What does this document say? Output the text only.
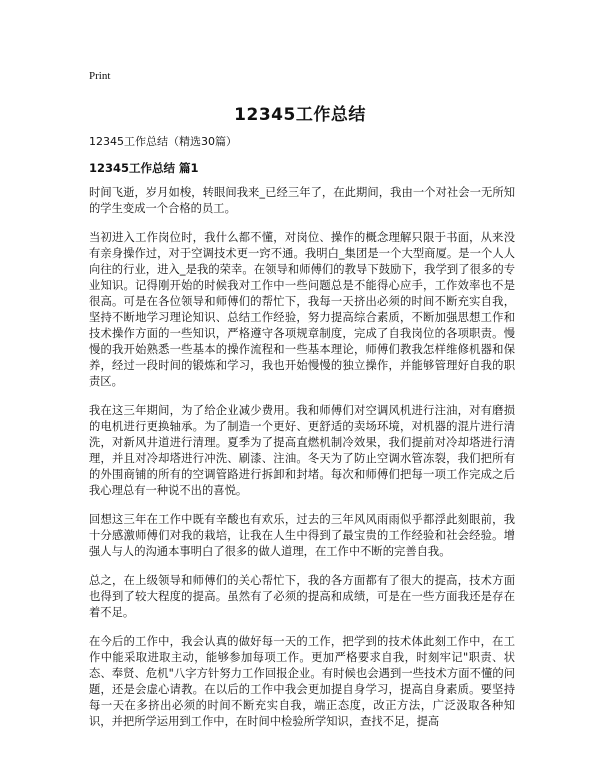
Print
12345工作总结

12345工作总结（精选30篇）

12345工作总结 篇1

时间飞逝，岁月如梭，转眼间我来_已经三年了，在此期间，我由一个对社会一无所知的学生变成一个合格的员工。

当初进入工作岗位时，我什么都不懂，对岗位、操作的概念理解只限于书面，从来没有亲身操作过，对于空调技术更一窍不通。我明白_集团是一个大型商厦。是一个人人向往的行业，进入_是我的荣幸。在领导和师傅们的教导下鼓励下，我学到了很多的专业知识。记得刚开始的时候我对工作中一些问题总是不能得心应手，工作效率也不是很高。可是在各位领导和师傅们的帮忙下，我每一天挤出必须的时间不断充实自我，坚持不断地学习理论知识、总结工作经验，努力提高综合素质，不断加强思想工作和技术操作方面的一些知识，严格遵守各项规章制度，完成了自我岗位的各项职责。慢慢的我开始熟悉一些基本的操作流程和一些基本理论，师傅们教我怎样维修机器和保养，经过一段时间的锻炼和学习，我也开始慢慢的独立操作，并能够管理好自我的职责区。

我在这三年期间，为了给企业减少费用。我和师傅们对空调风机进行注油，对有磨损的电机进行更换轴承。为了制造一个更好、更舒适的卖场环境，对机器的混片进行清洗，对新风井道进行清理。夏季为了提高直燃机制冷效果，我们提前对冷却塔进行清理，并且对冷却塔进行冲洗、刷漆、注油。冬天为了防止空调水管冻裂，我们把所有的外围商铺的所有的空调管路进行拆卸和封堵。每次和师傅们把每一项工作完成之后我心理总有一种说不出的喜悦。

回想这三年在工作中既有辛酸也有欢乐，过去的三年风风雨雨似乎都浮此刻眼前，我十分感激师傅们对我的栽培，让我在人生中得到了最宝贵的工作经验和社会经验。增强人与人的沟通本事明白了很多的做人道理，在工作中不断的完善自我。

总之，在上级领导和师傅们的关心帮忙下，我的各方面都有了很大的提高，技术方面也得到了较大程度的提高。虽然有了必须的提高和成绩，可是在一些方面我还是存在着不足。

在今后的工作中，我会认真的做好每一天的工作，把学到的技术体此刻工作中，在工作中能采取进取主动，能够参加每项工作。更加严格要求自我，时刻牢记"职责、状态、奉贤、危机"八字方针努力工作回报企业。有时候也会遇到一些技术方面不懂的问题，还是会虚心请教。在以后的工作中我会更加提自身学习，提高自身素质。要坚持每一天在多挤出必须的时间不断充实自我，端正态度，改正方法，广泛汲取各种知识，并把所学运用到工作中，在时间中检验所学知识，查找不足，提高
